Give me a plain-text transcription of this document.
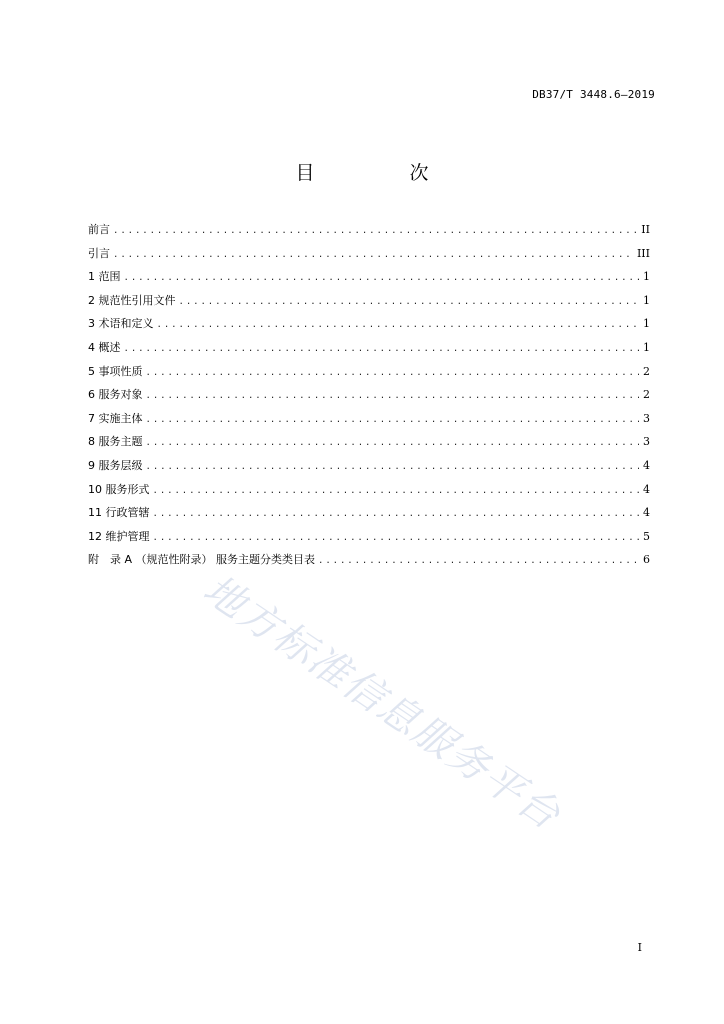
DB37/T 3448.6—2019
目　次
前言 .....	II
引言 .....	III
1 范围 .....	1
2 规范性引用文件 .....	1
3 术语和定义 .....	1
4 概述 .....	1
5 事项性质 .....	2
6 服务对象 .....	2
7 实施主体 .....	3
8 服务主题 .....	3
9 服务层级 .....	4
10 服务形式 .....	4
11 行政管辖 .....	4
12 维护管理 .....	5
附　录 A （规范性附录） 服务主题分类类目表 .....	6
地方标准信息服务平台
I
